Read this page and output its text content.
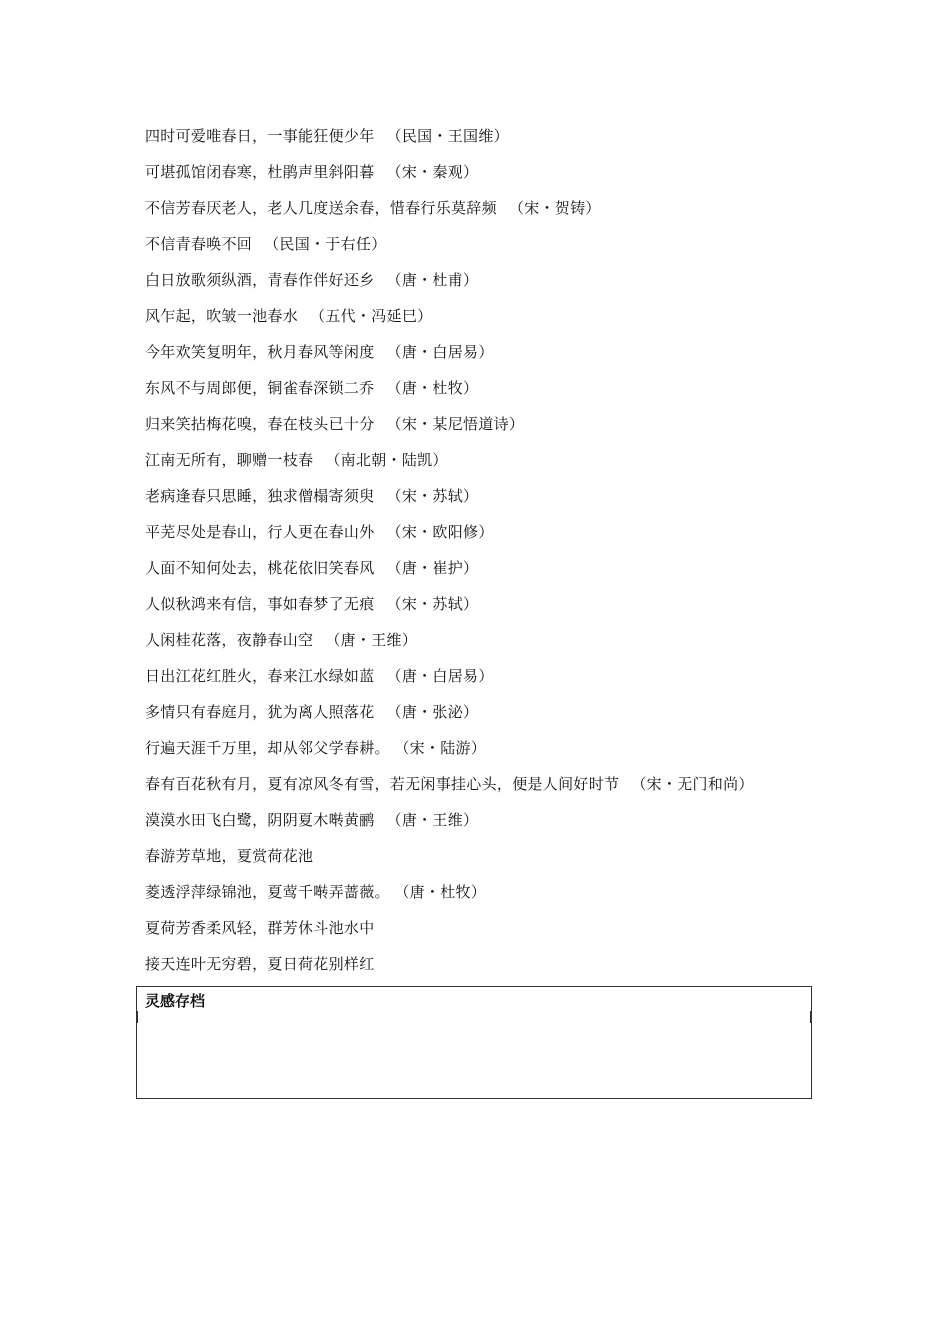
四时可爱唯春日，一事能狂便少年 （民国・王国维）
可堪孤馆闭春寒，杜鹃声里斜阳暮 （宋・秦观）
不信芳春厌老人，老人几度送余春，惜春行乐莫辞频 （宋・贺铸）
不信青春唤不回 （民国・于右任）
白日放歌须纵酒，青春作伴好还乡 （唐・杜甫）
风乍起，吹皱一池春水 （五代・冯延巳）
今年欢笑复明年，秋月春风等闲度 （唐・白居易）
东风不与周郎便，铜雀春深锁二乔 （唐・杜牧）
归来笑拈梅花嗅，春在枝头已十分 （宋・某尼悟道诗）
江南无所有，聊赠一枝春 （南北朝・陆凯）
老病逢春只思睡，独求僧榻寄须臾 （宋・苏轼）
平芜尽处是春山，行人更在春山外 （宋・欧阳修）
人面不知何处去，桃花依旧笑春风 （唐・崔护）
人似秋鸿来有信，事如春梦了无痕 （宋・苏轼）
人闲桂花落，夜静春山空 （唐・王维）
日出江花红胜火，春来江水绿如蓝 （唐・白居易）
多情只有春庭月，犹为离人照落花 （唐・张泌）
行遍天涯千万里，却从邻父学春耕。 （宋・陆游）
春有百花秋有月，夏有凉风冬有雪，若无闲事挂心头，便是人间好时节 （宋・无门和尚）
漠漠水田飞白鹭，阴阴夏木啭黄鹂 （唐・王维）
春游芳草地，夏赏荷花池
菱透浮萍绿锦池，夏莺千啭弄蔷薇。 （唐・杜牧）
夏荷芳香柔风轻，群芳休斗池水中
接天连叶无穷碧，夏日荷花别样红
灵感存档
